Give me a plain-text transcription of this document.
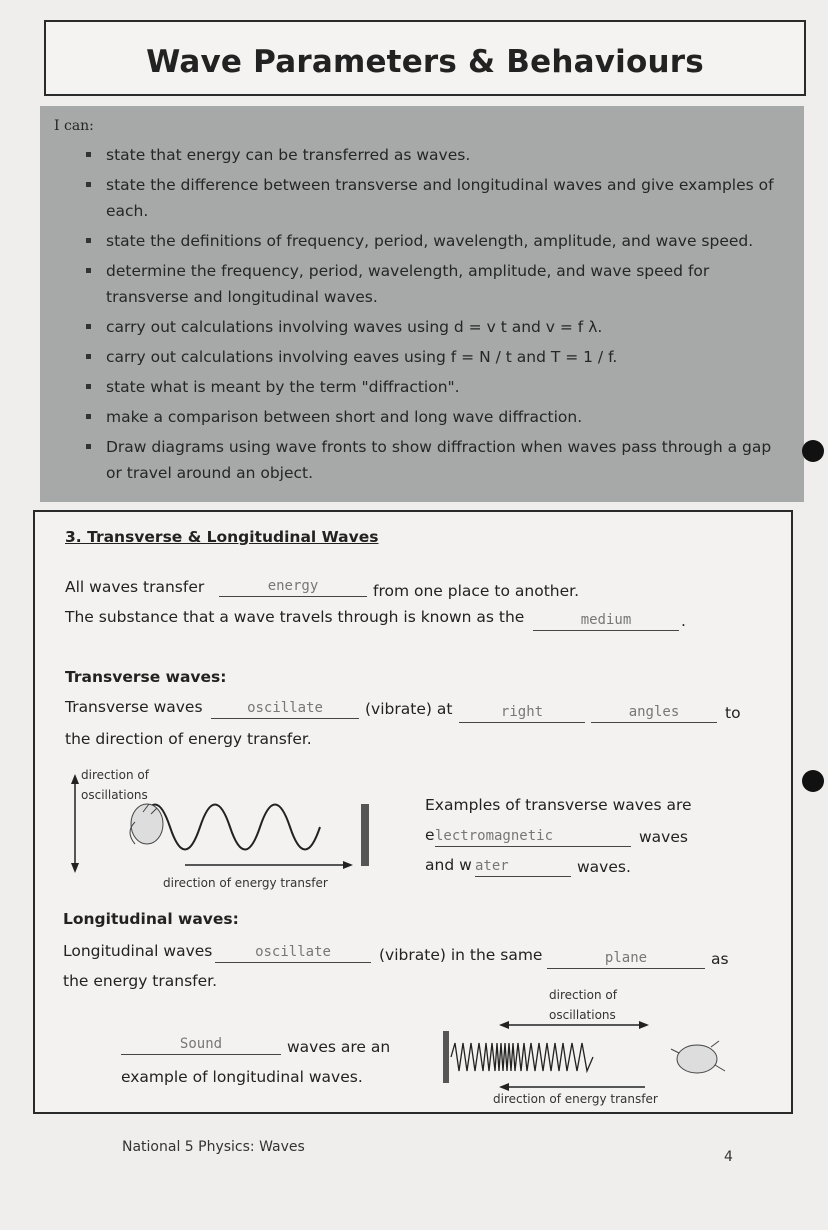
Wave Parameters & Behaviours
I can:
state that energy can be transferred as waves.
state the difference between transverse and longitudinal waves and give examples of each.
state the definitions of frequency, period, wavelength, amplitude, and wave speed.
determine the frequency, period, wavelength, amplitude, and wave speed for transverse and longitudinal waves.
carry out calculations involving waves using d = v t and v = f λ.
carry out calculations involving eaves using f = N / t and T = 1 / f.
state what is meant by the term "diffraction".
make a comparison between short and long wave diffraction.
Draw diagrams using wave fronts to show diffraction when waves pass through a gap or travel around an object.
3. Transverse & Longitudinal Waves
All waves transfer	energy	from one place to another.
The substance that a wave travels through is known as the	medium	.
Transverse waves:
Transverse waves	oscillate	(vibrate) at	right	angles	to
the direction of energy transfer.
direction of
oscillations
direction of energy transfer
Examples of transverse waves are
e lectromagnetic	waves
and w ater	waves.
Longitudinal waves:
Longitudinal waves	oscillate	(vibrate) in the same	plane	as
the energy transfer.
direction of
oscillations
direction of energy transfer
Sound	waves are an
example of longitudinal waves.
National 5 Physics: Waves
4
